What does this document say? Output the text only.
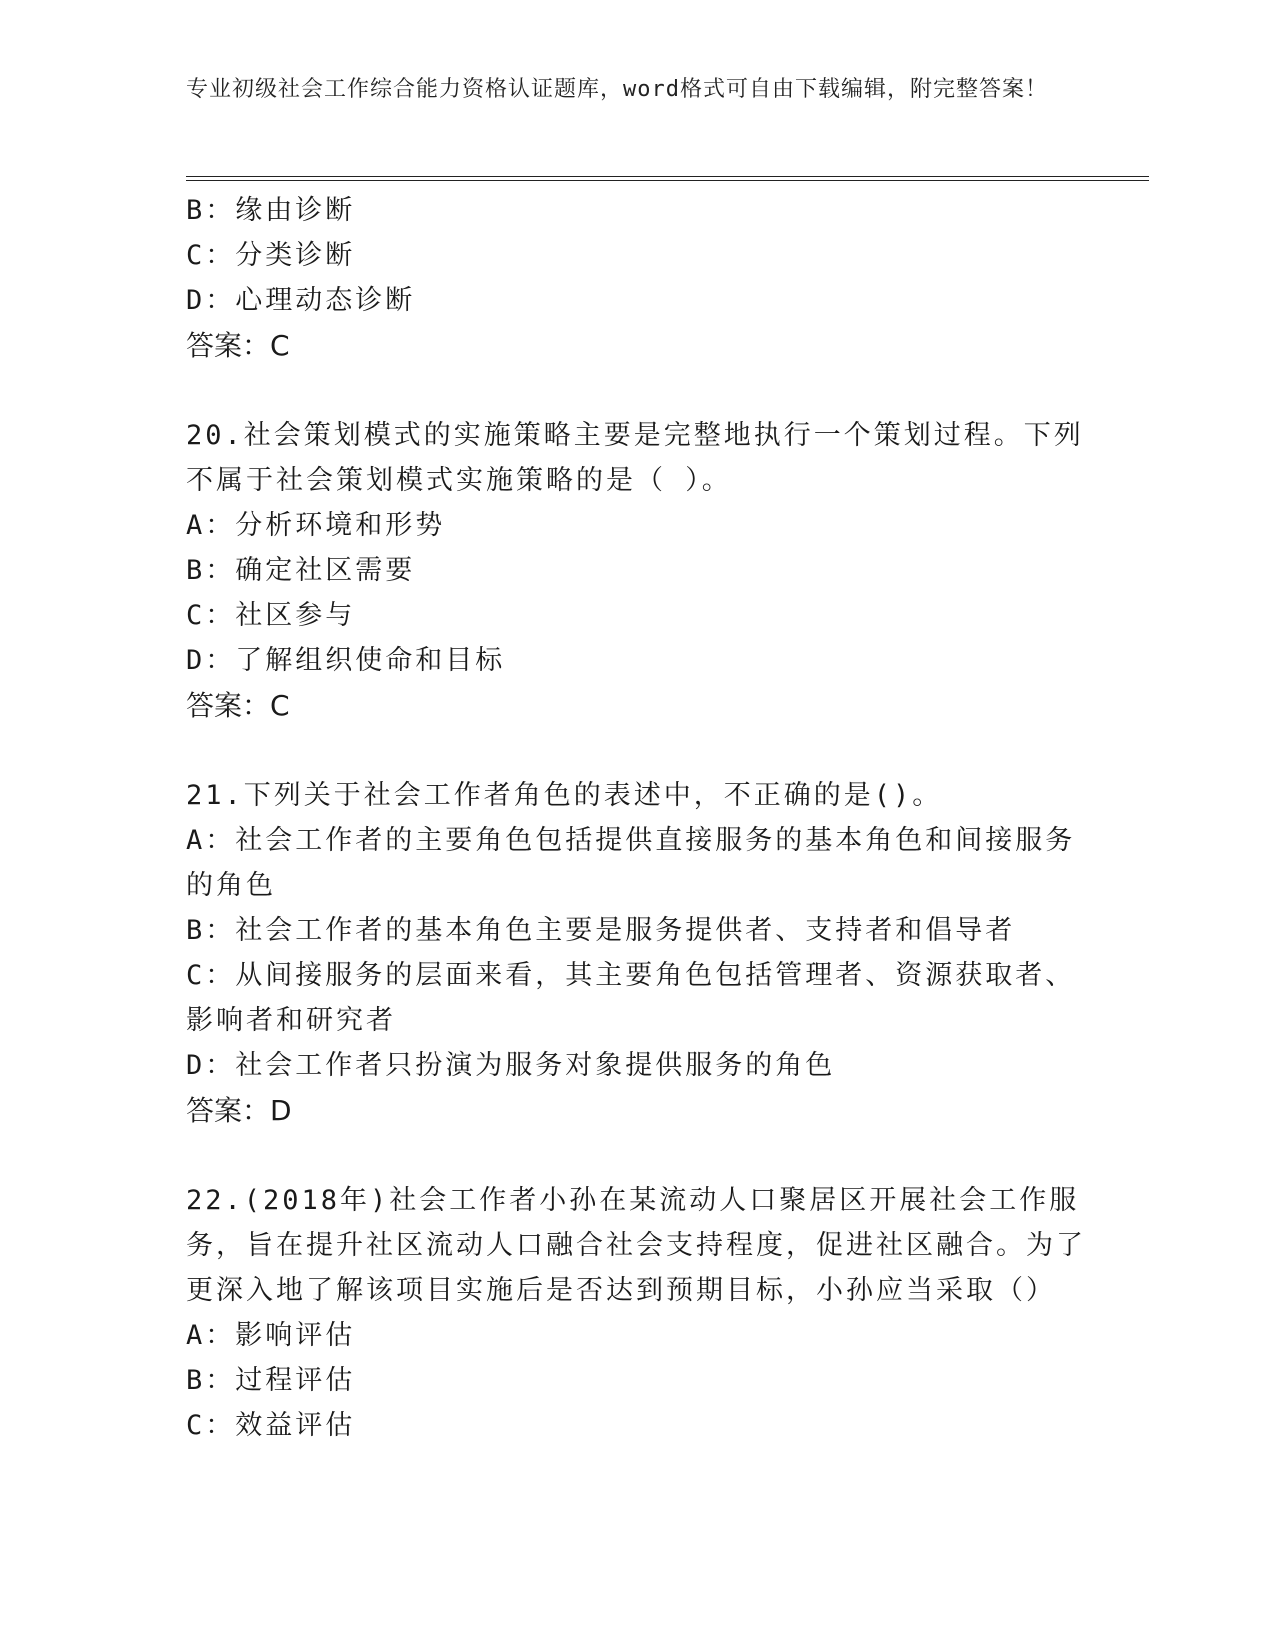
专业初级社会工作综合能力资格认证题库，word格式可自由下载编辑，附完整答案！
B：缘由诊断
C：分类诊断
D：心理动态诊断
答案：C
20.社会策划模式的实施策略主要是完整地执行一个策划过程。下列不属于社会策划模式实施策略的是（ ）。
A：分析环境和形势
B：确定社区需要
C：社区参与
D：了解组织使命和目标
答案：C
21.下列关于社会工作者角色的表述中，不正确的是()。
A：社会工作者的主要角色包括提供直接服务的基本角色和间接服务的角色
B：社会工作者的基本角色主要是服务提供者、支持者和倡导者
C：从间接服务的层面来看，其主要角色包括管理者、资源获取者、影响者和研究者
D：社会工作者只扮演为服务对象提供服务的角色
答案：D
22.(2018年)社会工作者小孙在某流动人口聚居区开展社会工作服务，旨在提升社区流动人口融合社会支持程度，促进社区融合。为了更深入地了解该项目实施后是否达到预期目标，小孙应当采取（）
A：影响评估
B：过程评估
C：效益评估
